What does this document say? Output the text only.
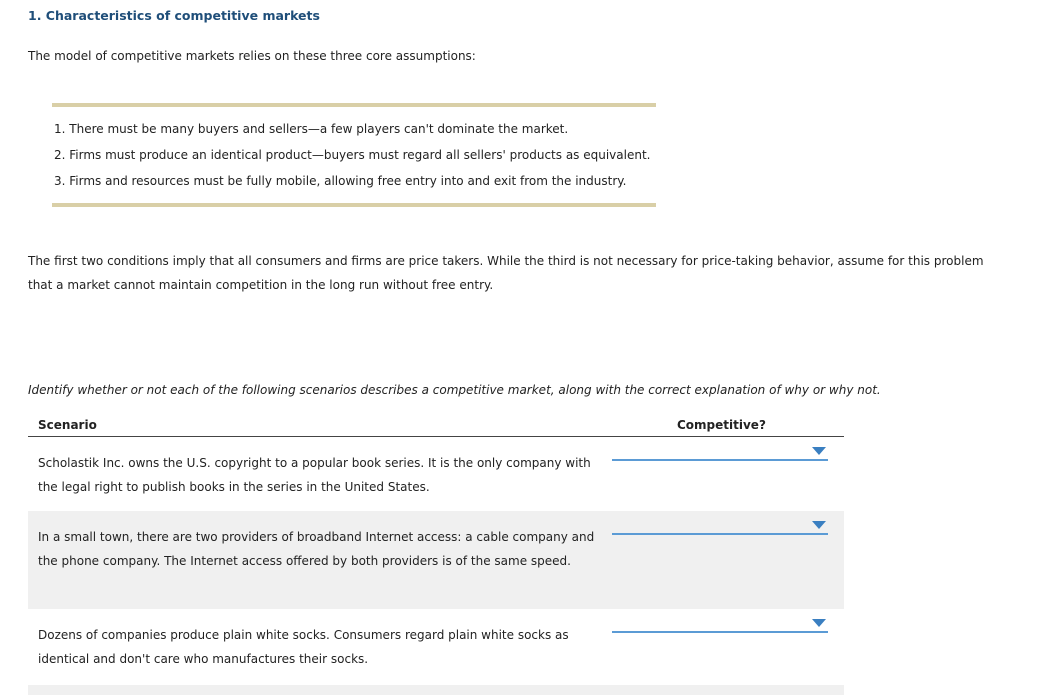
1. Characteristics of competitive markets
The model of competitive markets relies on these three core assumptions:
1. There must be many buyers and sellers—a few players can't dominate the market.
2. Firms must produce an identical product—buyers must regard all sellers' products as equivalent.
3. Firms and resources must be fully mobile, allowing free entry into and exit from the industry.
The first two conditions imply that all consumers and firms are price takers. While the third is not necessary for price-taking behavior, assume for this problem that a market cannot maintain competition in the long run without free entry.
Identify whether or not each of the following scenarios describes a competitive market, along with the correct explanation of why or why not.
Scenario	Competitive?
Scholastik Inc. owns the U.S. copyright to a popular book series. It is the only company with the legal right to publish books in the series in the United States.
In a small town, there are two providers of broadband Internet access: a cable company and the phone company. The Internet access offered by both providers is of the same speed.
Dozens of companies produce plain white socks. Consumers regard plain white socks as identical and don't care who manufactures their socks.
